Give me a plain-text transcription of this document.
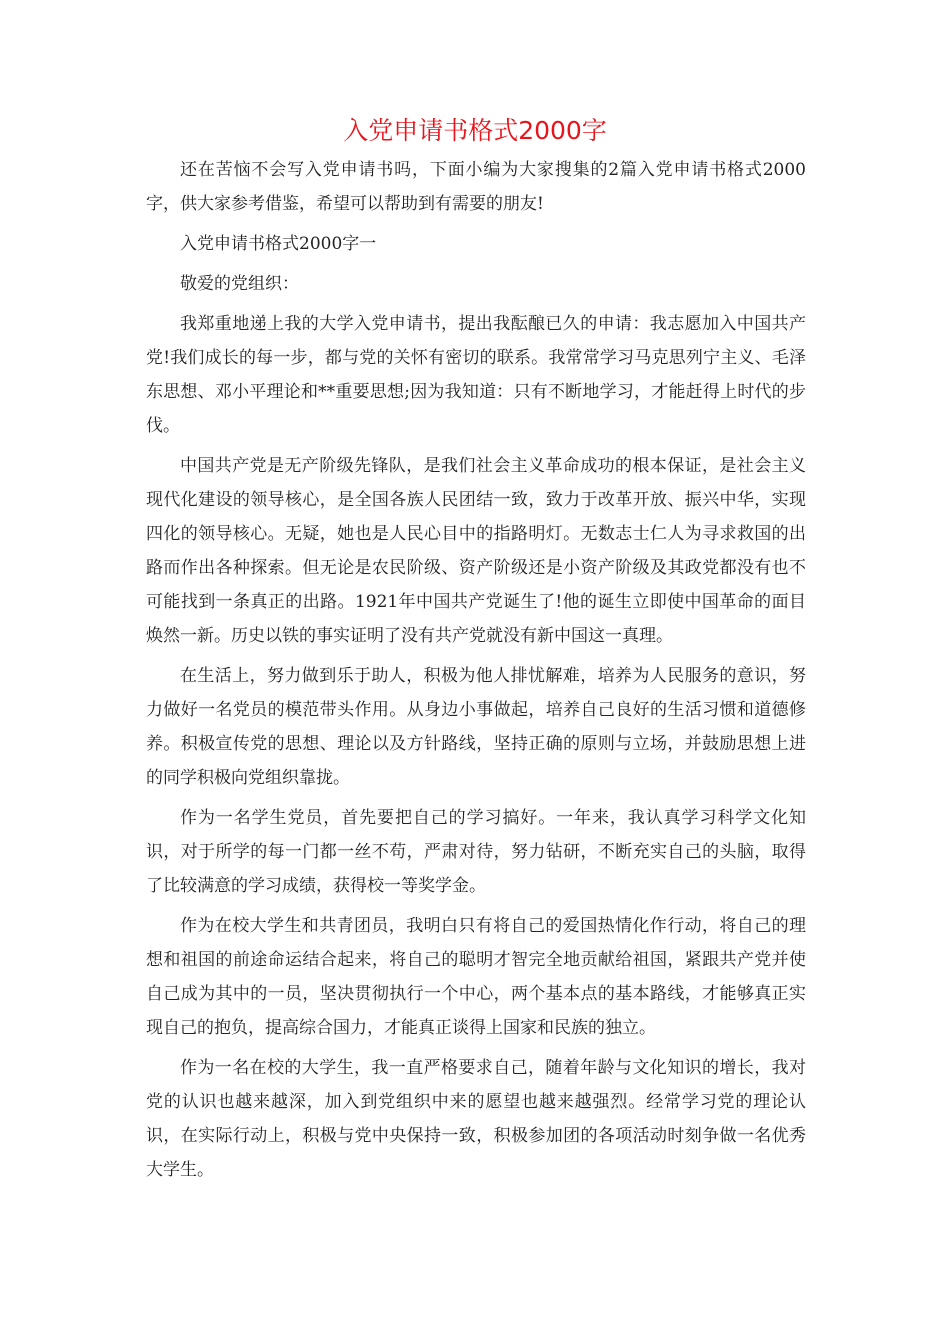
入党申请书格式2000字

还在苦恼不会写入党申请书吗，下面小编为大家搜集的2篇入党申请书格式2000字，供大家参考借鉴，希望可以帮助到有需要的朋友!

入党申请书格式2000字一

敬爱的党组织：

我郑重地递上我的大学入党申请书，提出我酝酿已久的申请：我志愿加入中国共产党!我们成长的每一步，都与党的关怀有密切的联系。我常常学习马克思列宁主义、毛泽东思想、邓小平理论和**重要思想;因为我知道：只有不断地学习，才能赶得上时代的步伐。

中国共产党是无产阶级先锋队，是我们社会主义革命成功的根本保证，是社会主义现代化建设的领导核心，是全国各族人民团结一致，致力于改革开放、振兴中华，实现四化的领导核心。无疑，她也是人民心目中的指路明灯。无数志士仁人为寻求救国的出路而作出各种探索。但无论是农民阶级、资产阶级还是小资产阶级及其政党都没有也不可能找到一条真正的出路。1921年中国共产党诞生了!他的诞生立即使中国革命的面目焕然一新。历史以铁的事实证明了没有共产党就没有新中国这一真理。

在生活上，努力做到乐于助人，积极为他人排忧解难，培养为人民服务的意识，努力做好一名党员的模范带头作用。从身边小事做起，培养自己良好的生活习惯和道德修养。积极宣传党的思想、理论以及方针路线，坚持正确的原则与立场，并鼓励思想上进的同学积极向党组织靠拢。

作为一名学生党员，首先要把自己的学习搞好。一年来，我认真学习科学文化知识，对于所学的每一门都一丝不苟，严肃对待，努力钻研，不断充实自己的头脑，取得了比较满意的学习成绩，获得校一等奖学金。

作为在校大学生和共青团员，我明白只有将自己的爱国热情化作行动，将自己的理想和祖国的前途命运结合起来，将自己的聪明才智完全地贡献给祖国，紧跟共产党并使自己成为其中的一员，坚决贯彻执行一个中心，两个基本点的基本路线，才能够真正实现自己的抱负，提高综合国力，才能真正谈得上国家和民族的独立。

作为一名在校的大学生，我一直严格要求自己，随着年龄与文化知识的增长，我对党的认识也越来越深，加入到党组织中来的愿望也越来越强烈。经常学习党的理论认识，在实际行动上，积极与党中央保持一致，积极参加团的各项活动时刻争做一名优秀大学生。
